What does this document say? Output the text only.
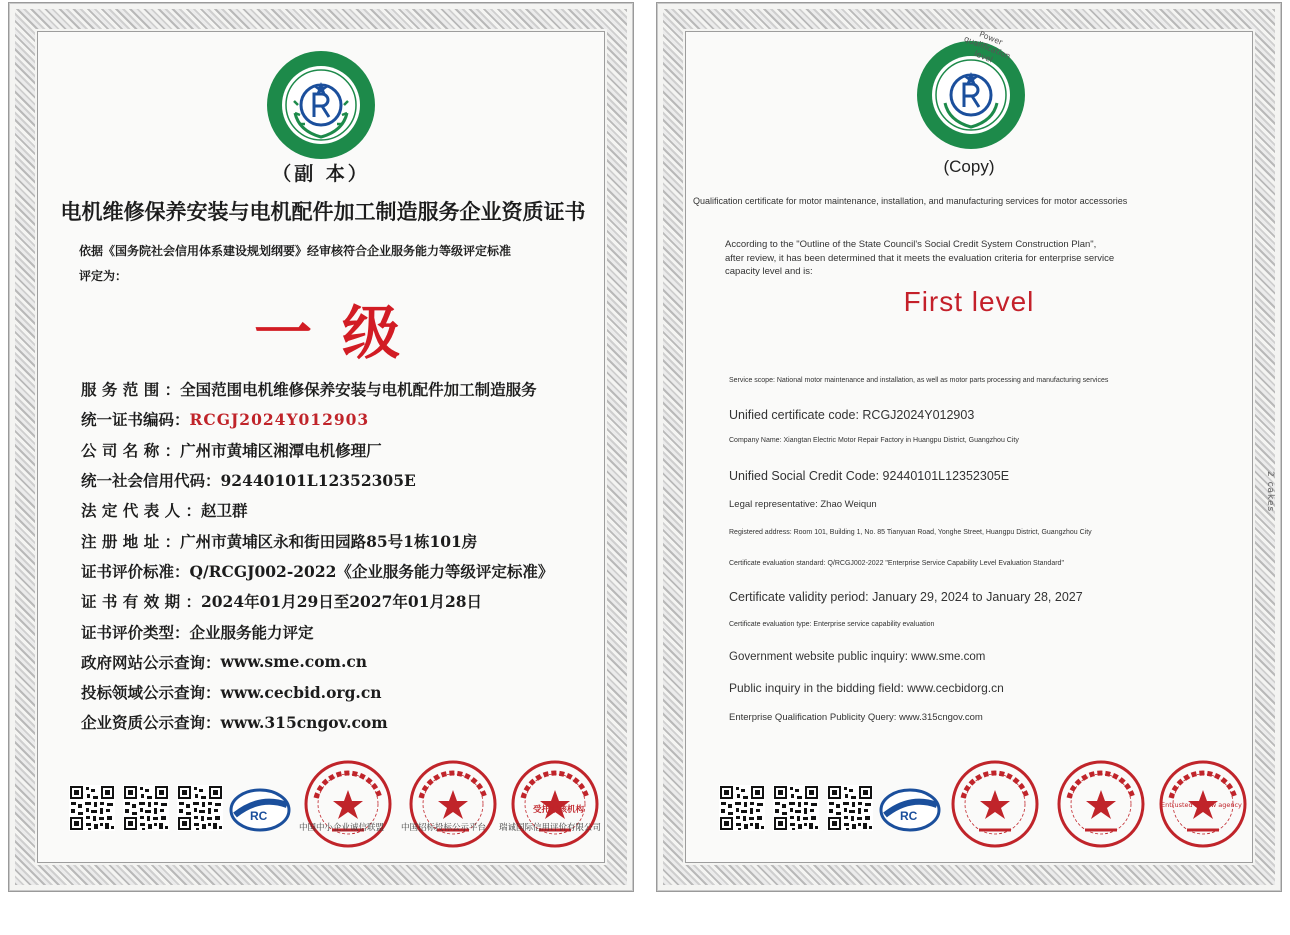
（副 本）
电机维修保养安装与电机配件加工制造服务企业资质证书
依据《国务院社会信用体系建设规划纲要》经审核符合企业服务能力等级评定标准
评定为：
一级
服 务 范 围 ： 全国范围电机维修保养安装与电机配件加工制造服务
统一证书编码： RCGJ2024Y012903
公 司 名 称 ： 广州市黄埔区湘潭电机修理厂
统一社会信用代码： 92440101L12352305E
法 定 代 表 人 ： 赵卫群
注 册 地 址 ： 广州市黄埔区永和街田园路85号1栋101房
证书评价标准： Q/RCGJ002-2022《企业服务能力等级评定标准》
证 书 有 效 期 ： 2024年01月29日至2027年01月28日
证书评价类型： 企业服务能力评定
政府网站公示查询： www.sme.com.cn
投标领域公示查询： www.cecbid.org.cn
企业资质公示查询： www.315cngov.com
受托审核机构
中国中小企业诚信联盟 中国招标投标公示平台 瑞诚国际信用评价有限公司
Power qualification level
(Copy)
Qualification certificate for motor maintenance, installation, and manufacturing services for motor accessories
According to the "Outline of the State Council's Social Credit System Construction Plan",
after review, it has been determined that it meets the evaluation criteria for enterprise service
capacity level and is:
First level
Service scope: National motor maintenance and installation, as well as motor parts processing and manufacturing services
Unified certificate code: RCGJ2024Y012903
Company Name: Xiangtan Electric Motor Repair Factory in Huangpu District, Guangzhou City
Unified Social Credit Code: 92440101L12352305E
Legal representative: Zhao Weiqun
Registered address: Room 101, Building 1, No. 85 Tianyuan Road, Yonghe Street, Huangpu District, Guangzhou City
Certificate evaluation standard: Q/RCGJ002-2022 "Enterprise Service Capability Level Evaluation Standard"
Certificate validity period: January 29, 2024 to January 28, 2027
Certificate evaluation type: Enterprise service capability evaluation
Government website public inquiry: www.sme.com
Public inquiry in the bidding field: www.cecbidorg.cn
Enterprise Qualification Publicity Query: www.315cngov.com
2 cakes
Entrusted review agency
